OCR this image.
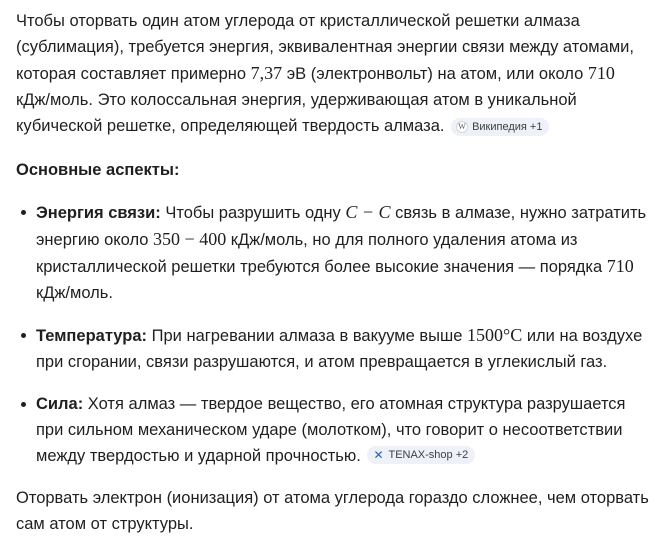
Чтобы оторвать один атом углерода от кристаллической решетки алмаза (сублимация), требуется энергия, эквивалентная энергии связи между атомами, которая составляет примерно 7,37 эВ (электронвольт) на атом, или около 710 кДж/моль. Это колоссальная энергия, удерживающая атом в уникальной кубической решетке, определяющей твердость алмаза. W Википедия +1

Основные аспекты:

Энергия связи: Чтобы разрушить одну C − C связь в алмазе, нужно затратить энергию около 350 − 400 кДж/моль, но для полного удаления атома из кристаллической решетки требуются более высокие значения — порядка 710 кДж/моль.
Температура: При нагревании алмаза в вакууме выше 1500°C или на воздухе при сгорании, связи разрушаются, и атом превращается в углекислый газ.
Сила: Хотя алмаз — твердое вещество, его атомная структура разрушается при сильном механическом ударе (молотком), что говорит о несоответствии между твердостью и ударной прочностью. ✕ TENAX-shop +2

Оторвать электрон (ионизация) от атома углерода гораздо сложнее, чем оторвать сам атом от структуры.
